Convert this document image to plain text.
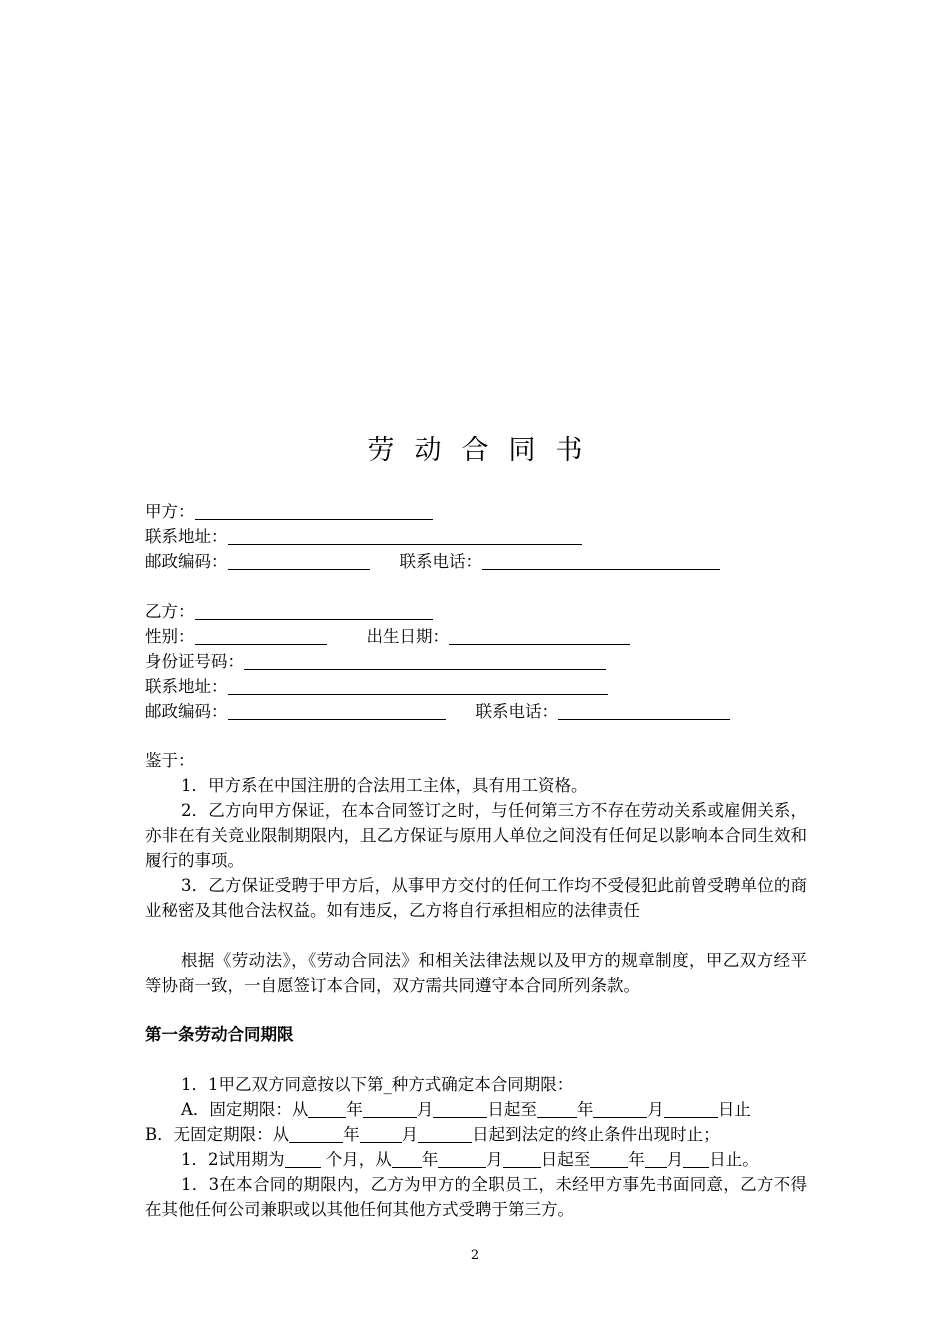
劳动合同书
甲方：
联系地址：
邮政编码：	联系电话：
乙方：
性别：	出生日期：
身份证号码：
联系地址：
邮政编码：	联系电话：
鉴于：
1．甲方系在中国注册的合法用工主体，具有用工资格。
2．乙方向甲方保证，在本合同签订之时，与任何第三方不存在劳动关系或雇佣关系，亦非在有关竞业限制期限内，且乙方保证与原用人单位之间没有任何足以影响本合同生效和履行的事项。
3．乙方保证受聘于甲方后，从事甲方交付的任何工作均不受侵犯此前曾受聘单位的商业秘密及其他合法权益。如有违反，乙方将自行承担相应的法律责任
根据《劳动法》，《劳动合同法》和相关法律法规以及甲方的规章制度，甲乙双方经平等协商一致，一自愿签订本合同，双方需共同遵守本合同所列条款。
第一条劳动合同期限
1．1甲乙双方同意按以下第_种方式确定本合同期限：
A．固定期限：从 年	月	日起至 年	月	日止
B．无固定期限：从	年	月	日起到法定的终止条件出现时止；
1．2试用期为 个月，从 年	月 日起至 年 月 日止。
1．3在本合同的期限内，乙方为甲方的全职员工，未经甲方事先书面同意，乙方不得在其他任何公司兼职或以其他任何其他方式受聘于第三方。
2
